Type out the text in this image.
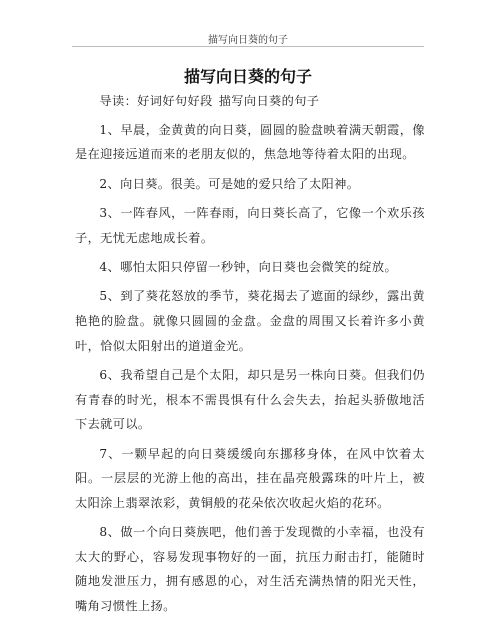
描写向日葵的句子
描写向日葵的句子

导读：好词好句好段 描写向日葵的句子

1、早晨，金黄黄的向日葵，圆圆的脸盘映着满天朝霞，像是在迎接远道而来的老朋友似的，焦急地等待着太阳的出现。

2、向日葵。很美。可是她的爱只给了太阳神。

3、一阵春风，一阵春雨，向日葵长高了，它像一个欢乐孩子，无忧无虑地成长着。

4、哪怕太阳只停留一秒钟，向日葵也会微笑的绽放。

5、到了葵花怒放的季节，葵花揭去了遮面的绿纱，露出黄艳艳的脸盘。就像只圆圆的金盘。金盘的周围又长着许多小黄叶，恰似太阳射出的道道金光。

6、我希望自己是个太阳，却只是另一株向日葵。但我们仍有青春的时光，根本不需畏惧有什么会失去，抬起头骄傲地活下去就可以。

7、一颗早起的向日葵缓缓向东挪移身体，在风中饮着太阳。一层层的光游上他的高出，挂在晶亮般露珠的叶片上，被太阳涂上翡翠浓彩，黄铜般的花朵依次收起火焰的花环。

8、做一个向日葵族吧，他们善于发现微的小幸福，也没有太大的野心，容易发现事物好的一面，抗压力耐击打，能随时随地发泄压力，拥有感恩的心，对生活充满热情的阳光天性，嘴角习惯性上扬。
